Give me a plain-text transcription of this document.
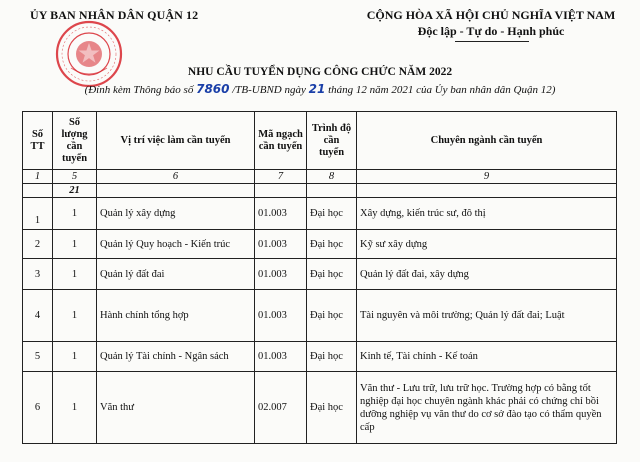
ỦY BAN NHÂN DÂN QUẬN 12	CỘNG HÒA XÃ HỘI CHỦ NGHĨA VIỆT NAM
Độc lập - Tự do - Hạnh phúc
NHU CẦU TUYỂN DỤNG CÔNG CHỨC NĂM 2022
(Đính kèm Thông báo số 7860 /TB-UBND ngày 21 tháng 12 năm 2021 của Ủy ban nhân dân Quận 12)
Số TT	Số lượng cần tuyển	Vị trí việc làm cần tuyển	Mã ngạch cần tuyển	Trình độ cần tuyển	Chuyên ngành cần tuyển
1	5	6	7	8	9
	21				
1	1	Quản lý xây dựng	01.003	Đại học	Xây dựng, kiến trúc sư, đô thị
2	1	Quản lý Quy hoạch - Kiến trúc	01.003	Đại học	Kỹ sư xây dựng
3	1	Quản lý đất đai	01.003	Đại học	Quản lý đất đai, xây dựng
4	1	Hành chính tổng hợp	01.003	Đại học	Tài nguyên và môi trường; Quản lý đất đai; Luật
5	1	Quản lý Tài chính - Ngân sách	01.003	Đại học	Kinh tế, Tài chính - Kế toán
6	1	Văn thư	02.007	Đại học	Văn thư - Lưu trữ, lưu trữ học. Trường hợp có bằng tốt nghiệp đại học chuyên ngành khác phải có chứng chỉ bồi dưỡng nghiệp vụ văn thư do cơ sở đào tạo có thẩm quyền cấp
